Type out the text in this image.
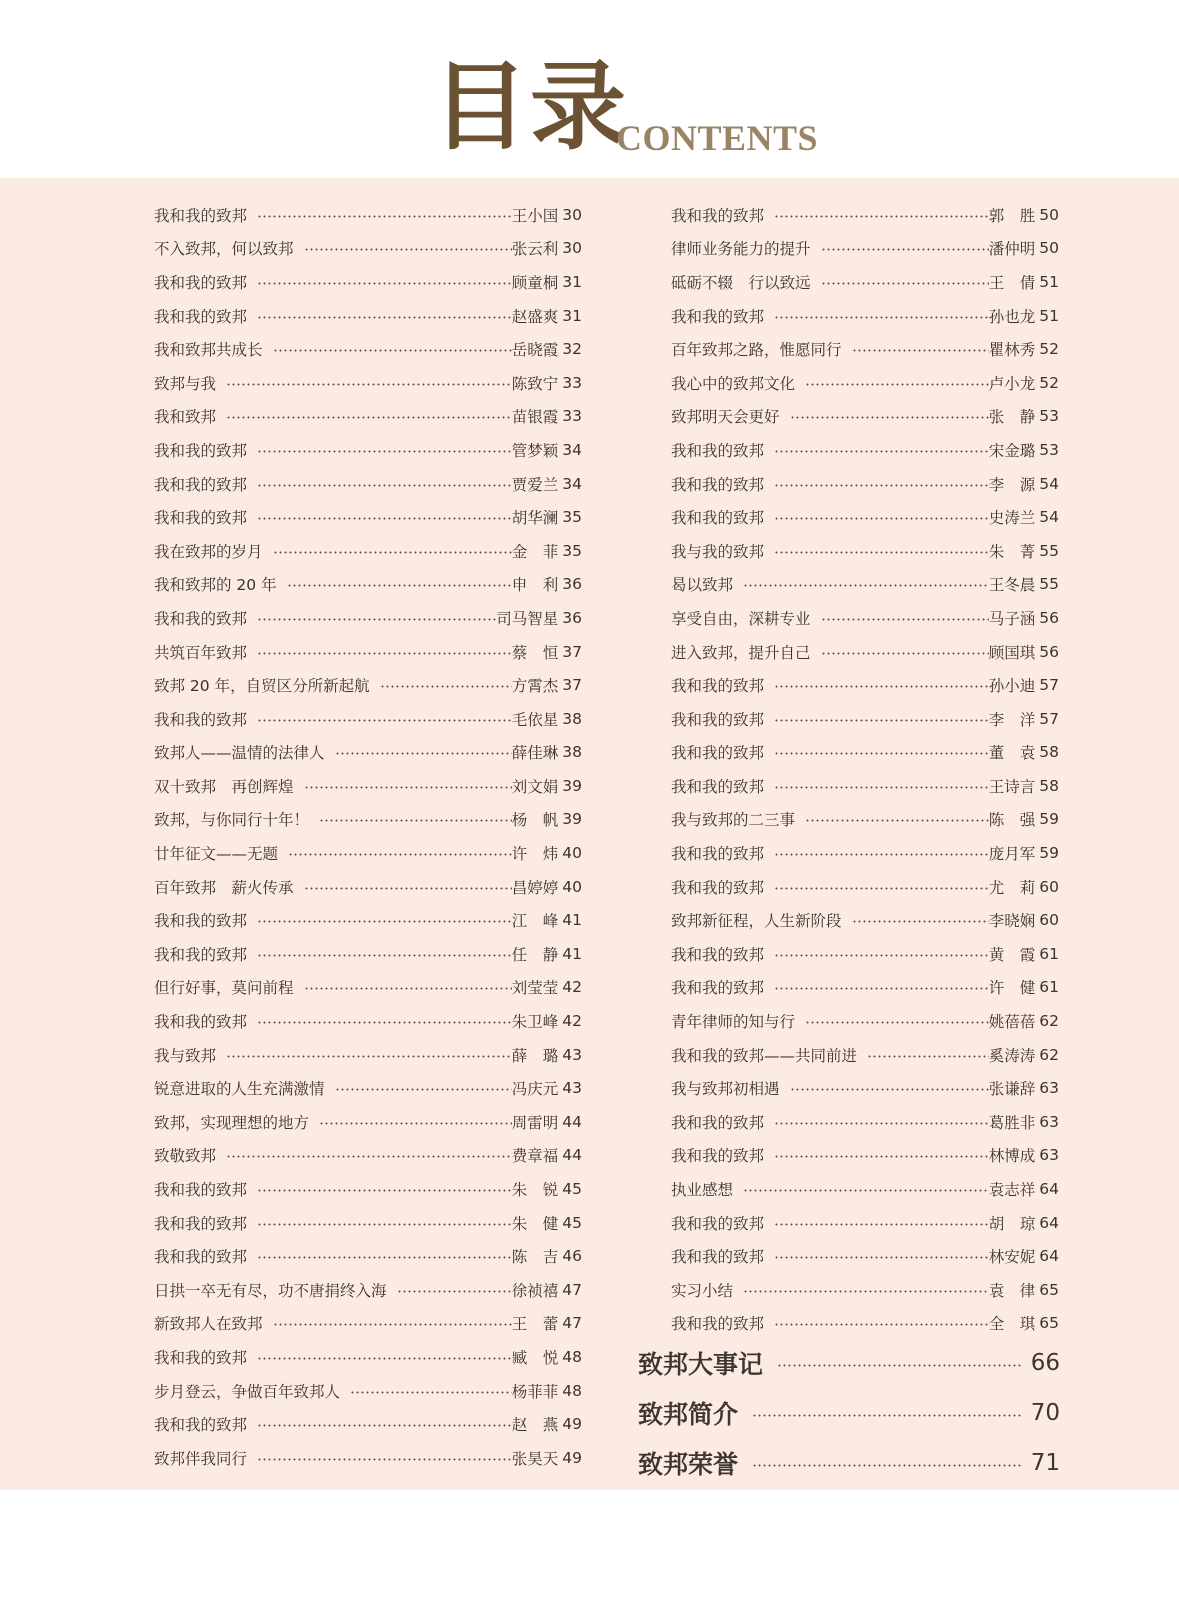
目录
CONTENTS
我和我的致邦	王小国 30
不入致邦，何以致邦	张云利 30
我和我的致邦	顾童桐 31
我和我的致邦	赵盛爽 31
我和致邦共成长	岳晓霞 32
致邦与我	陈致宁 33
我和致邦	苗银霞 33
我和我的致邦	管梦颖 34
我和我的致邦	贾爱兰 34
我和我的致邦	胡华澜 35
我在致邦的岁月	金　菲 35
我和致邦的 20 年	申　利 36
我和我的致邦	司马智星 36
共筑百年致邦	蔡　恒 37
致邦 20 年，自贸区分所新起航	方霄杰 37
我和我的致邦	毛依星 38
致邦人——温情的法律人	薛佳琳 38
双十致邦　再创辉煌	刘文娟 39
致邦，与你同行十年！	杨　帆 39
廿年征文——无题	许　炜 40
百年致邦　薪火传承	昌婷婷 40
我和我的致邦	江　峰 41
我和我的致邦	任　静 41
但行好事，莫问前程	刘莹莹 42
我和我的致邦	朱卫峰 42
我与致邦	薛　璐 43
锐意进取的人生充满激情	冯庆元 43
致邦，实现理想的地方	周雷明 44
致敬致邦	费章福 44
我和我的致邦	朱　锐 45
我和我的致邦	朱　健 45
我和我的致邦	陈　吉 46
日拱一卒无有尽，功不唐捐终入海	徐祯禧 47
新致邦人在致邦	王　蕾 47
我和我的致邦	臧　悦 48
步月登云，争做百年致邦人	杨菲菲 48
我和我的致邦	赵　燕 49
致邦伴我同行	张昊天 49
我和我的致邦	郭　胜 50
律师业务能力的提升	潘仲明 50
砥砺不辍　行以致远	王　倩 51
我和我的致邦	孙也龙 51
百年致邦之路，惟愿同行	瞿林秀 52
我心中的致邦文化	卢小龙 52
致邦明天会更好	张　静 53
我和我的致邦	宋金璐 53
我和我的致邦	李　源 54
我和我的致邦	史涛兰 54
我与我的致邦	朱　菁 55
曷以致邦	王冬晨 55
享受自由，深耕专业	马子涵 56
进入致邦，提升自己	顾国琪 56
我和我的致邦	孙小迪 57
我和我的致邦	李　洋 57
我和我的致邦	董　袁 58
我和我的致邦	王诗言 58
我与致邦的二三事	陈　强 59
我和我的致邦	庞月军 59
我和我的致邦	尤　莉 60
致邦新征程，人生新阶段	李晓娴 60
我和我的致邦	黄　霞 61
我和我的致邦	许　健 61
青年律师的知与行	姚蓓蓓 62
我和我的致邦——共同前进	奚涛涛 62
我与致邦初相遇	张谦辞 63
我和我的致邦	葛胜非 63
我和我的致邦	林博成 63
执业感想	袁志祥 64
我和我的致邦	胡　琼 64
我和我的致邦	林安妮 64
实习小结	袁　律 65
我和我的致邦	全　琪 65
致邦大事记	66
致邦简介	70
致邦荣誉	71
